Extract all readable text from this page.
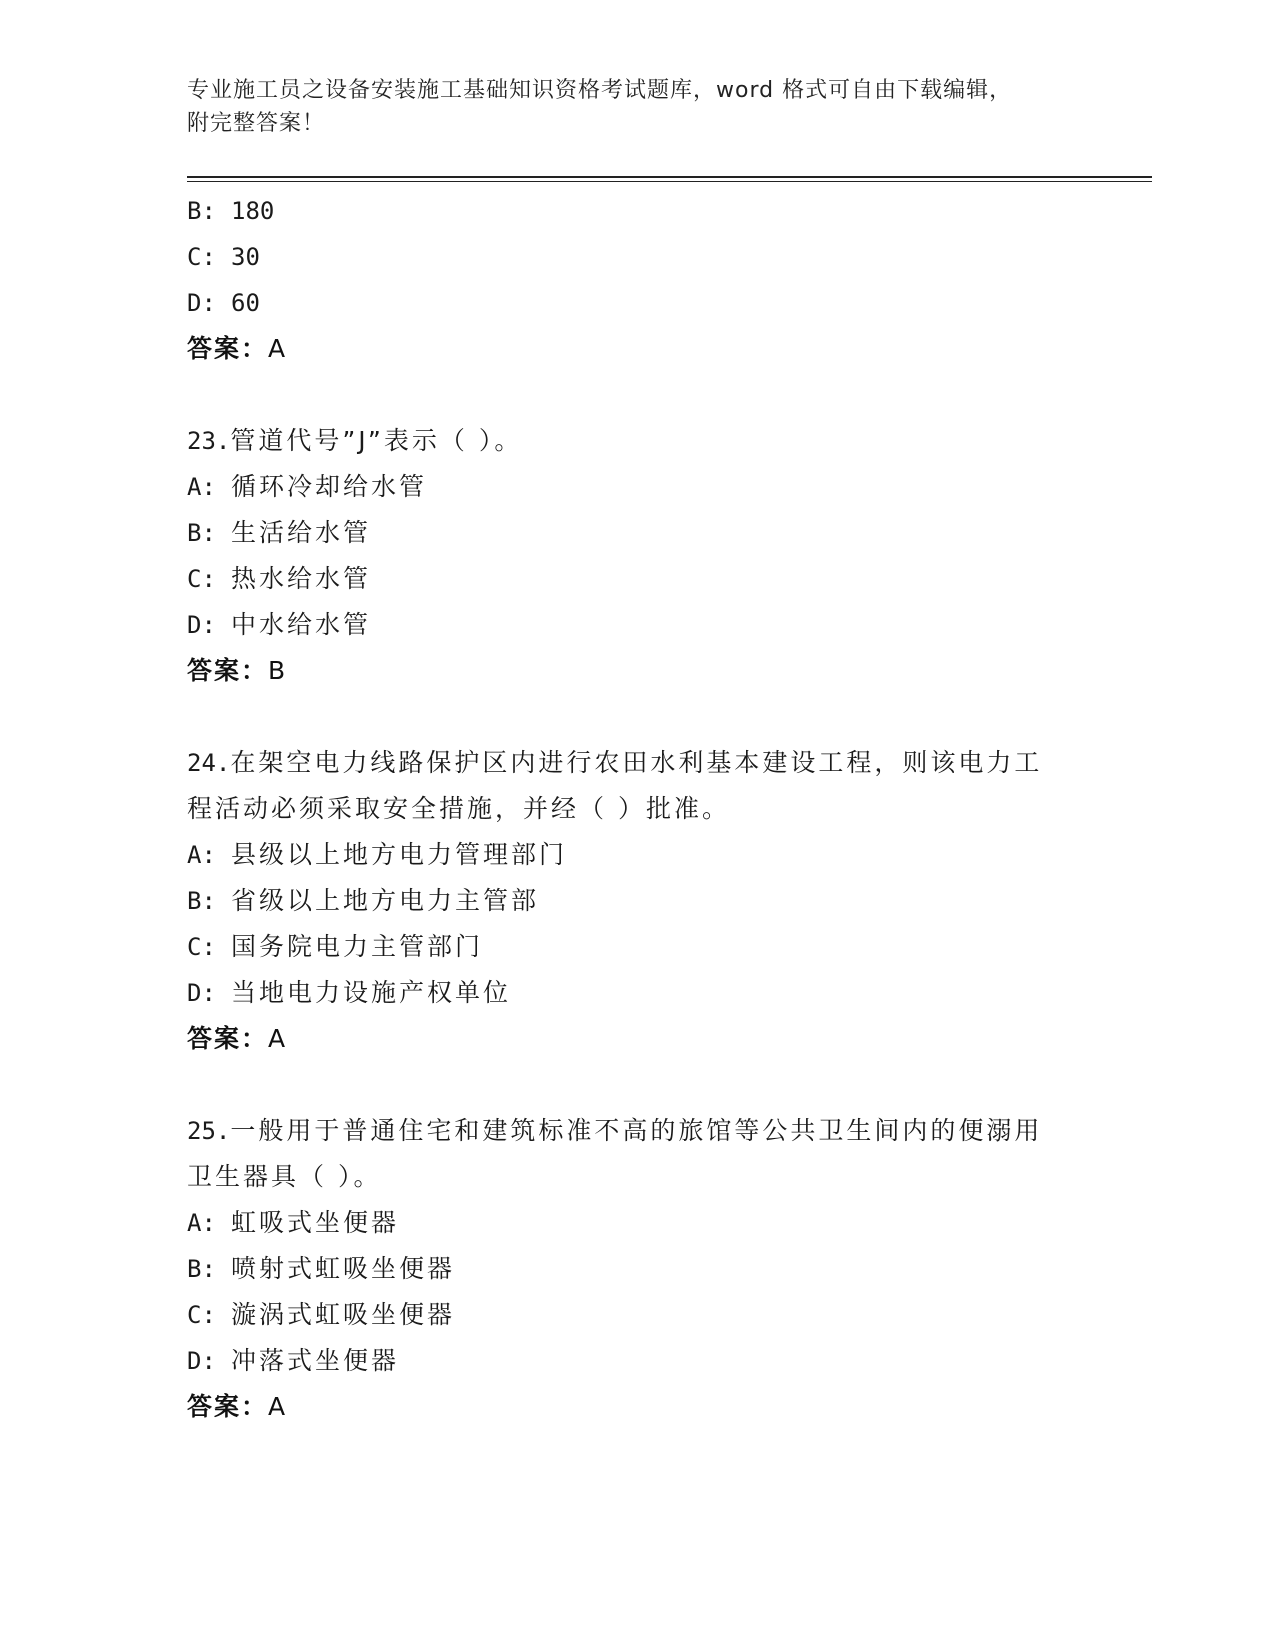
专业施工员之设备安装施工基础知识资格考试题库，word 格式可自由下载编辑，
附完整答案！
B: 180
C: 30
D: 60
答案：A
23.管道代号”J”表示（ ）。
A: 循环冷却给水管
B: 生活给水管
C: 热水给水管
D: 中水给水管
答案：B
24.在架空电力线路保护区内进行农田水利基本建设工程，则该电力工程活动必须采取安全措施，并经（ ）批准。
A: 县级以上地方电力管理部门
B: 省级以上地方电力主管部
C: 国务院电力主管部门
D: 当地电力设施产权单位
答案：A
25.一般用于普通住宅和建筑标准不高的旅馆等公共卫生间内的便溺用卫生器具（ ）。
A: 虹吸式坐便器
B: 喷射式虹吸坐便器
C: 漩涡式虹吸坐便器
D: 冲落式坐便器
答案：A
